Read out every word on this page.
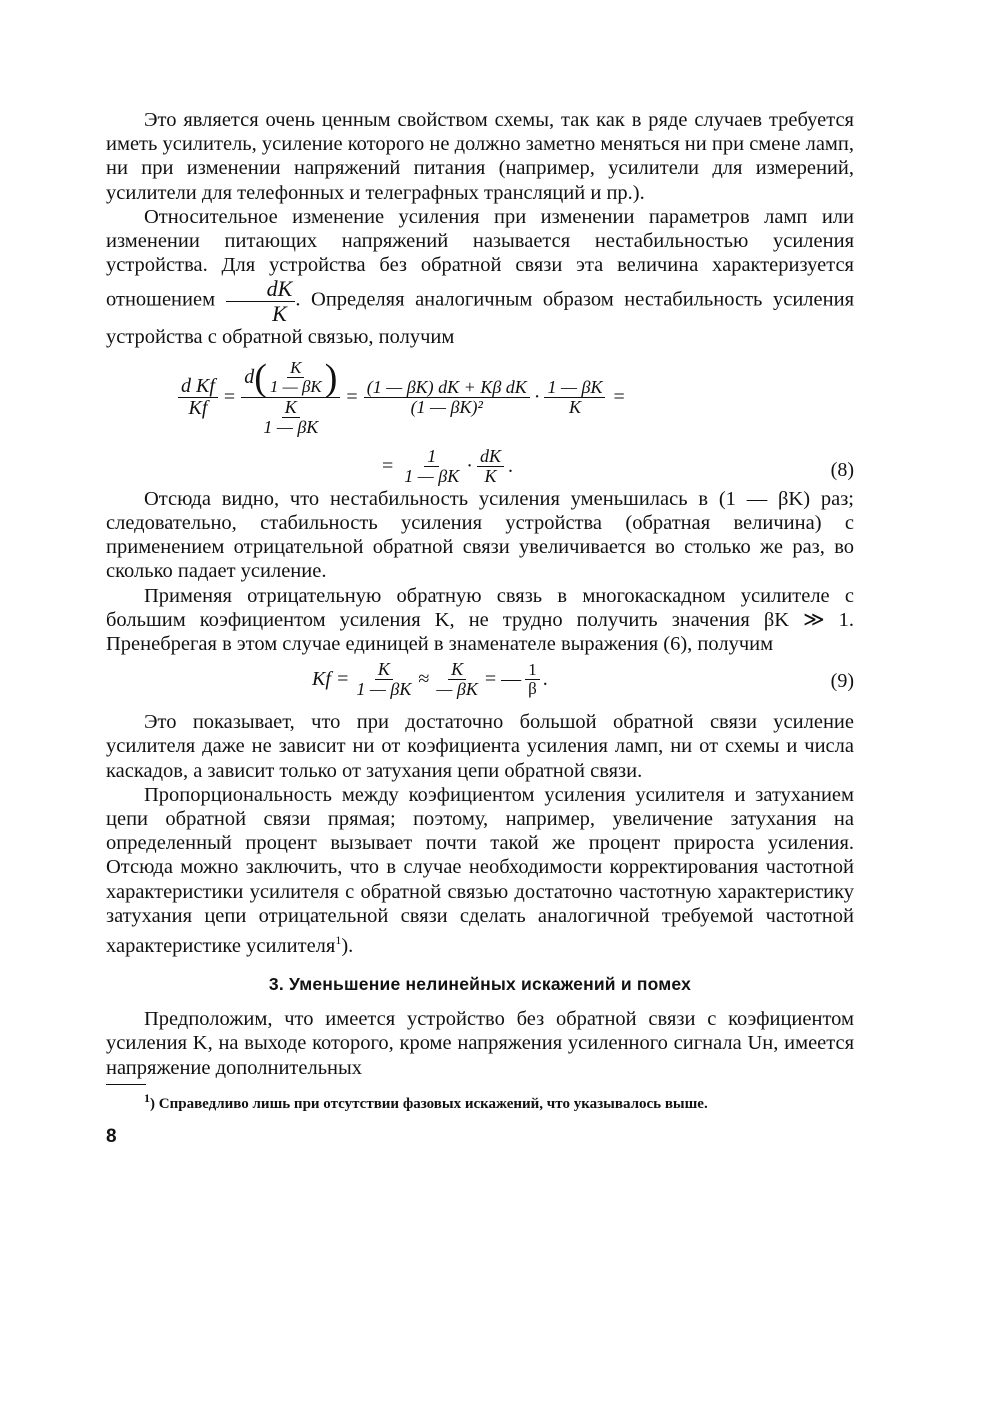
Это является очень ценным свойством схемы, так как в ряде случаев требуется иметь усилитель, усиление которого не должно заметно меняться ни при смене ламп, ни при изменении напряжений питания (например, усилители для измерений, усилители для телефонных и телеграфных трансляций и пр.).

Относительное изменение усиления при изменении параметров ламп или изменении питающих напряжений называется нестабильностью усиления устройства. Для устройства без обратной связи эта величина характеризуется отношением $\frac{dK}{K}$ . Определяя аналогичным образом нестабильность усиления устройства с обратной связью, получим

$\frac{\text{d Kf}}{Kf} = \frac{d ( \frac{K}{1 — \beta K} )}{\frac{K}{1 — \beta K}} = \frac{\text{(1 — βK) dK + Kβ dK}}{\text{(1 — βK)²}} \cdot \frac{1 — \beta K}{K}$ =
= $\frac{1}{1 — \beta K} \cdot \frac{dK}{K}$ .	(8)

Отсюда видно, что нестабильность усиления уменьшилась в (1 — βK) раз; следовательно, стабильность усиления устройства (обратная величина) с применением отрицательной обратной связи увеличивается во столько же раз, во сколько падает усиление.

Применяя отрицательную обратную связь в многокаскадном усилителе с большим коэфициентом усиления K, не трудно получить значения βK ≫ 1. Пренебрегая в этом случае единицей в знаменателе выражения (6), получим

$Kf = \frac{K}{1 — \beta K} \approx \frac{K}{— \beta K}$ = — $\frac{1}{\beta}$ .	(9)

Это показывает, что при достаточно большой обратной связи усиление усилителя даже не зависит ни от коэфициента усиления ламп, ни от схемы и числа каскадов, а зависит только от затухания цепи обратной связи.

Пропорциональность между коэфициентом усиления усилителя и затуханием цепи обратной связи прямая; поэтому, например, увеличение затухания на определенный процент вызывает почти такой же процент прироста усиления. Отсюда можно заключить, что в случае необходимости корректирования частотной характеристики усилителя с обратной связью достаточно частотную характеристику затухания цепи отрицательной связи сделать аналогичной требуемой частотной характеристике усилителя$^1$).

3. Уменьшение нелинейных искажений и помех

Предположим, что имеется устройство без обратной связи с коэфициентом усиления K, на выходе которого, кроме напряжения усиленного сигнала Uн, имеется напряжение дополнительных

$^1$) Справедливо лишь при отсутствии фазовых искажений, что указывалось выше.

8
